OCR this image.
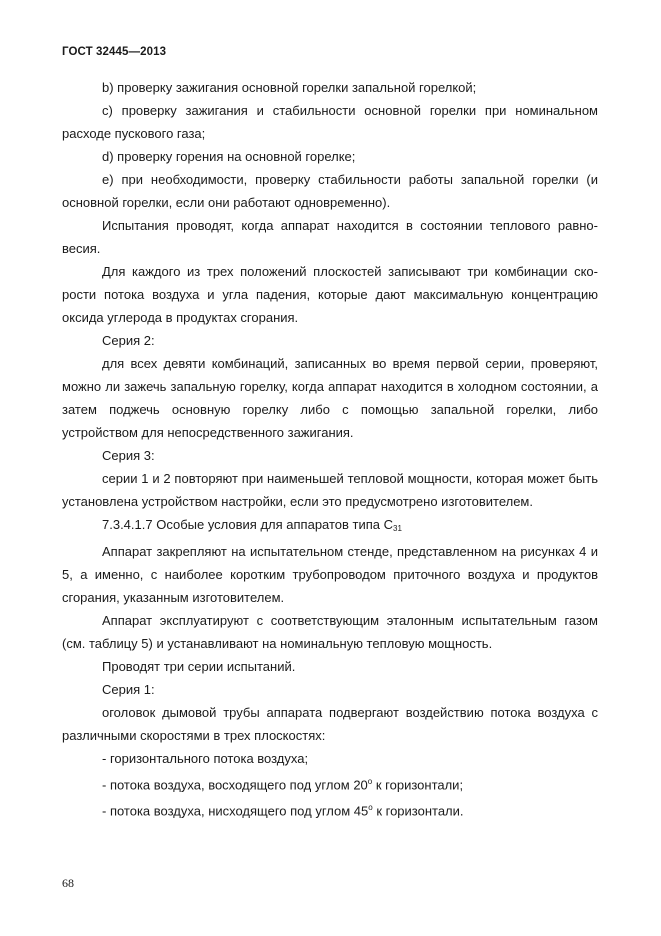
ГОСТ 32445—2013

b) проверку зажигания основной горелки запальной горелкой;

c) проверку зажигания и стабильности основной горелки при номинальном расходе пускового газа;

d) проверку горения на основной горелке;

e) при необходимости, проверку стабильности работы запальной горелки (и основной горелки, если они работают одновременно).

Испытания проводят, когда аппарат находится в состоянии теплового равновесия.

Для каждого из трех положений плоскостей записывают три комбинации скорости потока воздуха и угла падения, которые дают максимальную концентрацию оксида углерода в продуктах сгорания.

Серия 2:

для всех девяти комбинаций, записанных во время первой серии, проверяют, можно ли зажечь запальную горелку, когда аппарат находится в холодном состоянии, а затем поджечь основную горелку либо с помощью запальной горелки, либо устройством для непосредственного зажигания.

Серия 3:

серии 1 и 2 повторяют при наименьшей тепловой мощности, которая может быть установлена устройством настройки, если это предусмотрено изготовителем.

7.3.4.1.7 Особые условия для аппаратов типа $С_{31}$

Аппарат закрепляют на испытательном стенде, представленном на рисунках 4 и 5, а именно, с наиболее коротким трубопроводом приточного воздуха и продуктов сгорания, указанным изготовителем.

Аппарат эксплуатируют с соответствующим эталонным испытательным газом (см. таблицу 5) и устанавливают на номинальную тепловую мощность.

Проводят три серии испытаний.

Серия 1:

оголовок дымовой трубы аппарата подвергают воздействию потока воздуха с различными скоростями в трех плоскостях:

- горизонтального потока воздуха;

- потока воздуха, восходящего под углом $20^о$ к горизонтали;

- потока воздуха, нисходящего под углом $45^о$ к горизонтали.

68
